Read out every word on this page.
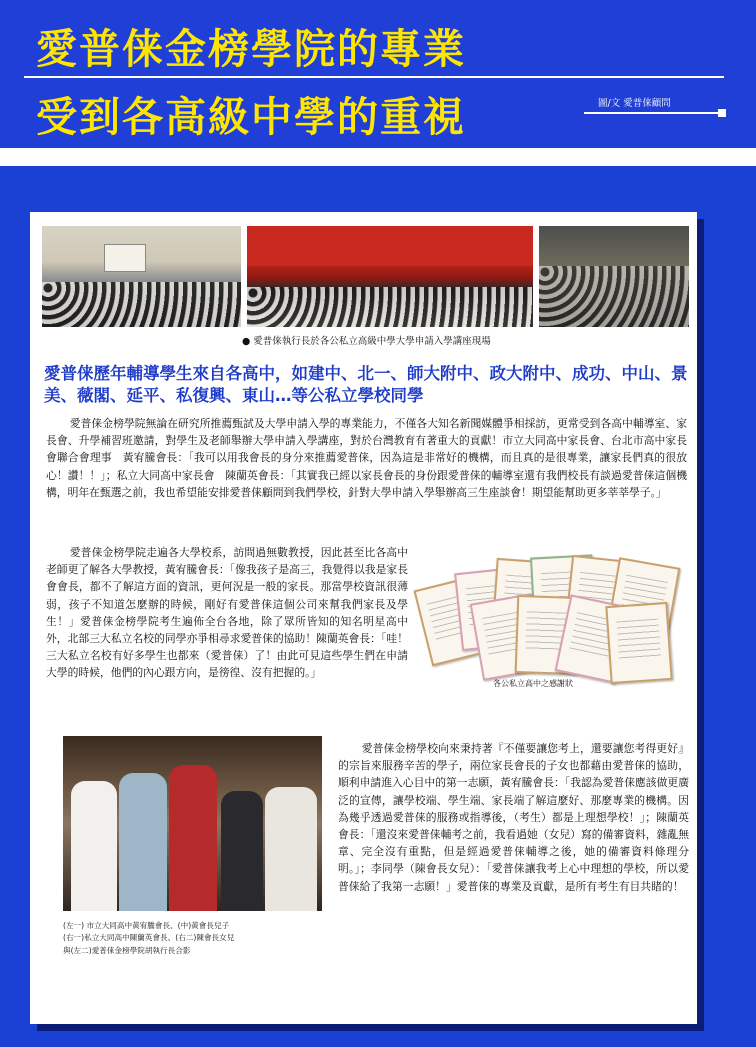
愛普俫金榜學院的專業
受到各高級中學的重視	圖/文 愛普俫顧問
● 愛普俫執行長於各公私立高級中學大學申請入學講座現場
愛普俫歷年輔導學生來自各高中，如建中、北一、師大附中、政大附中、成功、中山、景美、薇閣、延平、私復興、東山…等公私立學校同學
愛普俫金榜學院無論在研究所推薦甄試及大學申請入學的專業能力，不僅各大知名新聞媒體爭相採訪，更常受到各高中輔導室、家長會、升學補習班邀請，對學生及老師舉辦大學申請入學講座，對於台灣教育有著重大的貢獻！市立大同高中家長會、台北市高中家長會聯合會理事　黃宥騰會長：「我可以用我會長的身分來推薦愛普俫，因為這是非常好的機構，而且真的是很專業，讓家長們真的很放心！讚！！」；私立大同高中家長會　陳蘭英會長：「其實我已經以家長會長的身份跟愛普俫的輔導室還有我們校長有談過愛普俫這個機構，明年在甄選之前，我也希望能安排愛普俫顧問到我們學校，針對大學申請入學舉辦高三生座談會！期望能幫助更多莘莘學子。」
愛普俫金榜學院走遍各大學校系，訪問過無數教授，因此甚至比各高中老師更了解各大學教授，黃宥騰會長：「像我孩子是高三，我覺得以我是家長會會長，都不了解這方面的資訊，更何況是一般的家長。那當學校資訊很薄弱，孩子不知道怎麼辦的時候，剛好有愛普俫這個公司來幫我們家長及學生！」愛普俫金榜學院考生遍佈全台各地，除了眾所皆知的知名明星高中外，北部三大私立名校的同學亦爭相尋求愛普俫的協助！陳蘭英會長：「哇！三大私立名校有好多學生也都來（愛普俫）了！由此可見這些學生們在申請大學的時候，他們的內心跟方向，是徬徨、沒有把握的。」
各公私立高中之感謝狀
(左一) 市立大同高中黃宥騰會長、(中)黃會長兒子
(右一)私立大同高中陳蘭英會長、(右二)陳會長女兒
與(左二)愛普俫金榜學院胡執行長合影
愛普俫金榜學校向來秉持著『不僅要讓您考上，還要讓您考得更好』的宗旨來服務辛苦的學子，兩位家長會長的子女也都藉由愛普俫的協助，順利申請進入心目中的第一志願，黃宥騰會長：「我認為愛普俫應該做更廣泛的宣傳，讓學校端、學生端、家長端了解這麼好、那麼專業的機構。因為幾乎透過愛普俫的服務或指導後，（考生）都是上理想學校！」；陳蘭英會長：「還沒來愛普俫輔考之前，我看過她（女兒）寫的備審資料，雜亂無章、完全沒有重點，但是經過愛普俫輔導之後，她的備審資料條理分明。」；李同學（陳會長女兒）：「愛普俫讓我考上心中理想的學校，所以愛普俫給了我第一志願！」愛普俫的專業及貢獻，是所有考生有目共睹的！
